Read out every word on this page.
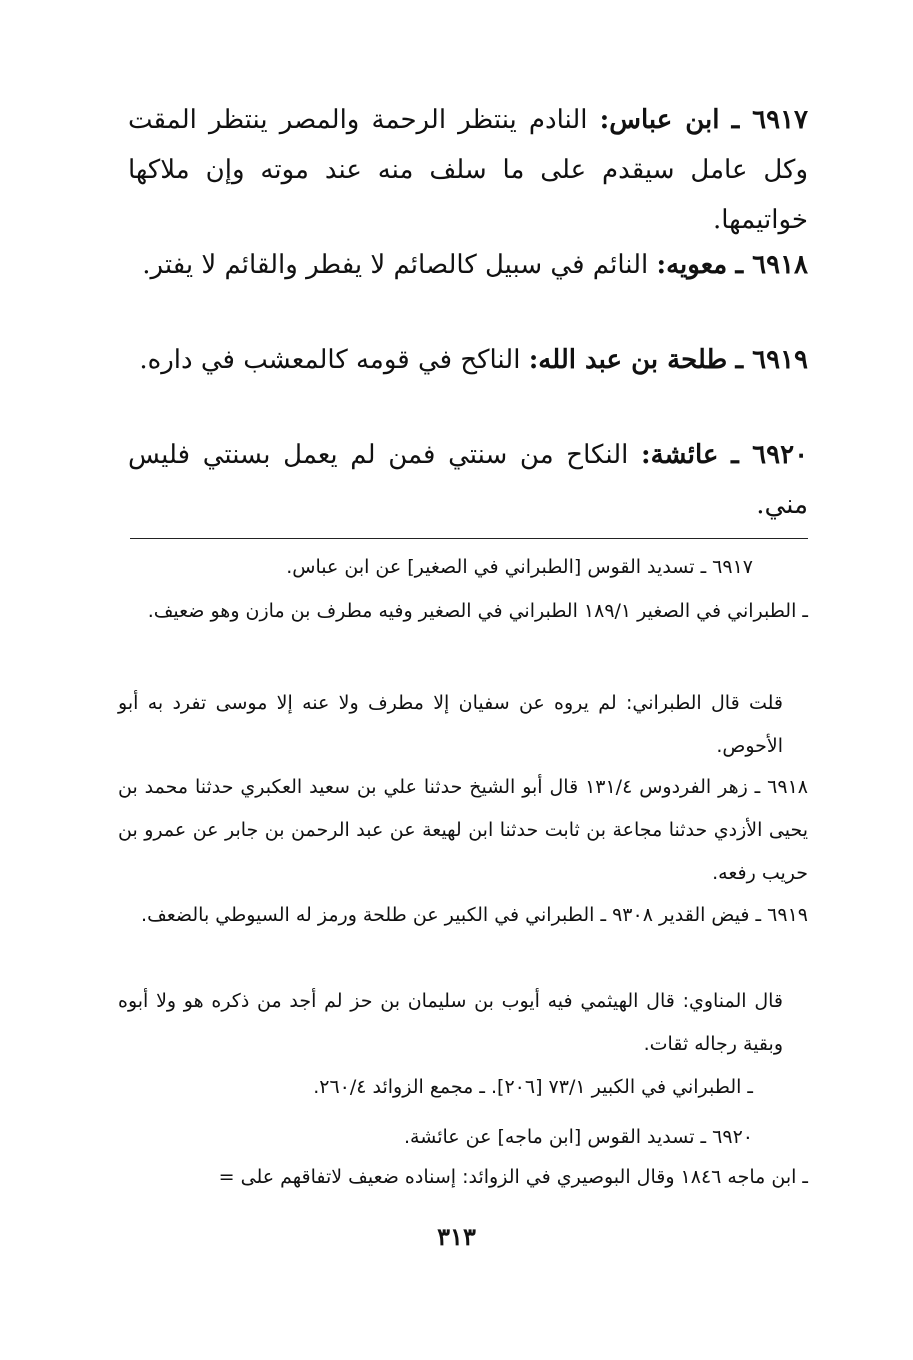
٦٩١٧ ـ ابن عباس: النادم ينتظر الرحمة والمصر ينتظر المقت وكل عامل سيقدم على ما سلف منه عند موته وإن ملاكها خواتيمها.
٦٩١٨ ـ معويه: النائم في سبيل كالصائم لا يفطر والقائم لا يفتر.
٦٩١٩ ـ طلحة بن عبد الله: الناكح في قومه كالمعشب في داره.
٦٩٢٠ ـ عائشة: النكاح من سنتي فمن لم يعمل بسنتي فليس مني.
٦٩١٧ ـ تسديد القوس [الطبراني في الصغير] عن ابن عباس.
ـ الطبراني في الصغير ١٨٩/١ الطبراني في الصغير وفيه مطرف بن مازن وهو ضعيف.
قلت قال الطبراني: لم يروه عن سفيان إلا مطرف ولا عنه إلا موسى تفرد به أبو الأحوص.
٦٩١٨ ـ زهر الفردوس ١٣١/٤ قال أبو الشيخ حدثنا علي بن سعيد العكبري حدثنا محمد بن يحيى الأزدي حدثنا مجاعة بن ثابت حدثنا ابن لهيعة عن عبد الرحمن بن جابر عن عمرو بن حريب رفعه.
٦٩١٩ ـ فيض القدير ٩٣٠٨ ـ الطبراني في الكبير عن طلحة ورمز له السيوطي بالضعف.
قال المناوي: قال الهيثمي فيه أيوب بن سليمان بن حز لم أجد من ذكره هو ولا أبوه وبقية رجاله ثقات.
ـ الطبراني في الكبير ٧٣/١ [٢٠٦]. ـ مجمع الزوائد ٢٦٠/٤.
٦٩٢٠ ـ تسديد القوس [ابن ماجه] عن عائشة.
ـ ابن ماجه ١٨٤٦ وقال البوصيري في الزوائد: إسناده ضعيف لاتفاقهم على =
٣١٣
